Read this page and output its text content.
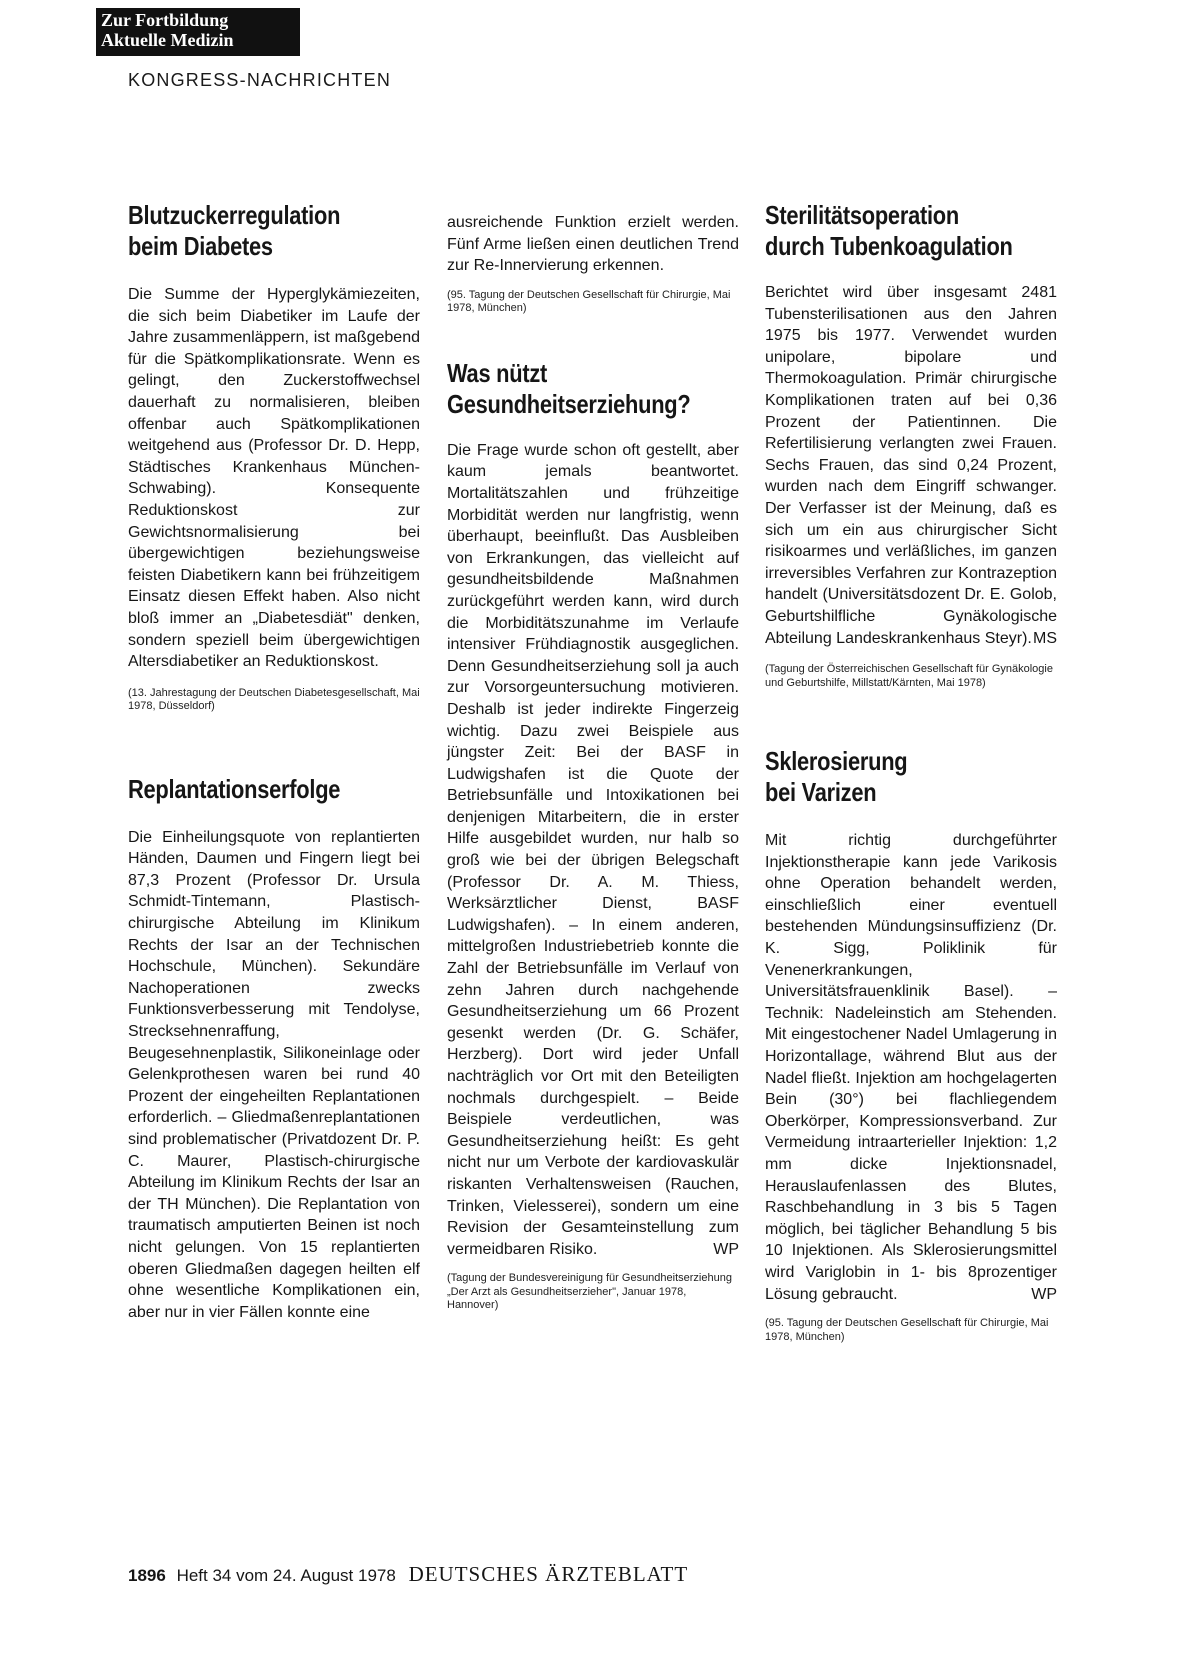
Zur Fortbildung
Aktuelle Medizin
KONGRESS-NACHRICHTEN
Blutzuckerregulation
beim Diabetes

Die Summe der Hyperglykämiezeiten, die sich beim Diabetiker im Laufe der Jahre zusammenläppern, ist maßgebend für die Spätkomplikationsrate. Wenn es gelingt, den Zuckerstoffwechsel dauerhaft zu normalisieren, bleiben offenbar auch Spätkomplikationen weitgehend aus (Professor Dr. D. Hepp, Städtisches Krankenhaus München-Schwabing). Konsequente Reduktionskost zur Gewichtsnormalisierung bei übergewichtigen beziehungsweise feisten Diabetikern kann bei frühzeitigem Einsatz diesen Effekt haben. Also nicht bloß immer an „Diabetesdiät" denken, sondern speziell beim übergewichtigen Altersdiabetiker an Reduktionskost.

(13. Jahrestagung der Deutschen Diabetesgesellschaft, Mai 1978, Düsseldorf)

Replantationserfolge

Die Einheilungsquote von replantierten Händen, Daumen und Fingern liegt bei 87,3 Prozent (Professor Dr. Ursula Schmidt-Tintemann, Plastisch-chirurgische Abteilung im Klinikum Rechts der Isar an der Technischen Hochschule, München). Sekundäre Nachoperationen zwecks Funktionsverbesserung mit Tendolyse, Strecksehnenraffung, Beugesehnenplastik, Silikoneinlage oder Gelenkprothesen waren bei rund 40 Prozent der eingeheilten Replantationen erforderlich. – Gliedmaßenreplantationen sind problematischer (Privatdozent Dr. P. C. Maurer, Plastisch-chirurgische Abteilung im Klinikum Rechts der Isar an der TH München). Die Replantation von traumatisch amputierten Beinen ist noch nicht gelungen. Von 15 replantierten oberen Gliedmaßen dagegen heilten elf ohne wesentliche Komplikationen ein, aber nur in vier Fällen konnte eine

ausreichende Funktion erzielt werden. Fünf Arme ließen einen deutlichen Trend zur Re-Innervierung erkennen.

(95. Tagung der Deutschen Gesellschaft für Chirurgie, Mai 1978, München)

Was nützt
Gesundheitserziehung?

Die Frage wurde schon oft gestellt, aber kaum jemals beantwortet. Mortalitätszahlen und frühzeitige Morbidität werden nur langfristig, wenn überhaupt, beeinflußt. Das Ausbleiben von Erkrankungen, das vielleicht auf gesundheitsbildende Maßnahmen zurückgeführt werden kann, wird durch die Morbiditätszunahme im Verlaufe intensiver Frühdiagnostik ausgeglichen. Denn Gesundheitserziehung soll ja auch zur Vorsorgeuntersuchung motivieren. Deshalb ist jeder indirekte Fingerzeig wichtig. Dazu zwei Beispiele aus jüngster Zeit: Bei der BASF in Ludwigshafen ist die Quote der Betriebsunfälle und Intoxikationen bei denjenigen Mitarbeitern, die in erster Hilfe ausgebildet wurden, nur halb so groß wie bei der übrigen Belegschaft (Professor Dr. A. M. Thiess, Werksärztlicher Dienst, BASF Ludwigshafen). – In einem anderen, mittelgroßen Industriebetrieb konnte die Zahl der Betriebsunfälle im Verlauf von zehn Jahren durch nachgehende Gesundheitserziehung um 66 Prozent gesenkt werden (Dr. G. Schäfer, Herzberg). Dort wird jeder Unfall nachträglich vor Ort mit den Beteiligten nochmals durchgespielt. – Beide Beispiele verdeutlichen, was Gesundheitserziehung heißt: Es geht nicht nur um Verbote der kardiovaskulär riskanten Verhaltensweisen (Rauchen, Trinken, Vielesserei), sondern um eine Revision der Gesamteinstellung zum vermeidbaren Risiko.	WP

(Tagung der Bundesvereinigung für Gesundheitserziehung „Der Arzt als Gesundheitserzieher", Januar 1978, Hannover)

Sterilitätsoperation
durch Tubenkoagulation

Berichtet wird über insgesamt 2481 Tubensterilisationen aus den Jahren 1975 bis 1977. Verwendet wurden unipolare, bipolare und Thermokoagulation. Primär chirurgische Komplikationen traten auf bei 0,36 Prozent der Patientinnen. Die Refertilisierung verlangten zwei Frauen. Sechs Frauen, das sind 0,24 Prozent, wurden nach dem Eingriff schwanger. Der Verfasser ist der Meinung, daß es sich um ein aus chirurgischer Sicht risikoarmes und verläßliches, im ganzen irreversibles Verfahren zur Kontrazeption handelt (Universitätsdozent Dr. E. Golob, Geburtshilfliche Gynäkologische Abteilung Landeskrankenhaus Steyr). MS

(Tagung der Österreichischen Gesellschaft für Gynäkologie und Geburtshilfe, Millstatt/Kärnten, Mai 1978)

Sklerosierung
bei Varizen

Mit richtig durchgeführter Injektionstherapie kann jede Varikosis ohne Operation behandelt werden, einschließlich einer eventuell bestehenden Mündungsinsuffizienz (Dr. K. Sigg, Poliklinik für Venenerkrankungen, Universitätsfrauenklinik Basel). – Technik: Nadeleinstich am Stehenden. Mit eingestochener Nadel Umlagerung in Horizontallage, während Blut aus der Nadel fließt. Injektion am hochgelagerten Bein (30°) bei flachliegendem Oberkörper, Kompressionsverband. Zur Vermeidung intraarterieller Injektion: 1,2 mm dicke Injektionsnadel, Herauslaufenlassen des Blutes, Raschbehandlung in 3 bis 5 Tagen möglich, bei täglicher Behandlung 5 bis 10 Injektionen. Als Sklerosierungsmittel wird Variglobin in 1- bis 8prozentiger Lösung gebraucht.	WP

(95. Tagung der Deutschen Gesellschaft für Chirurgie, Mai 1978, München)

1896 Heft 34 vom 24. August 1978 DEUTSCHES ÄRZTEBLATT
